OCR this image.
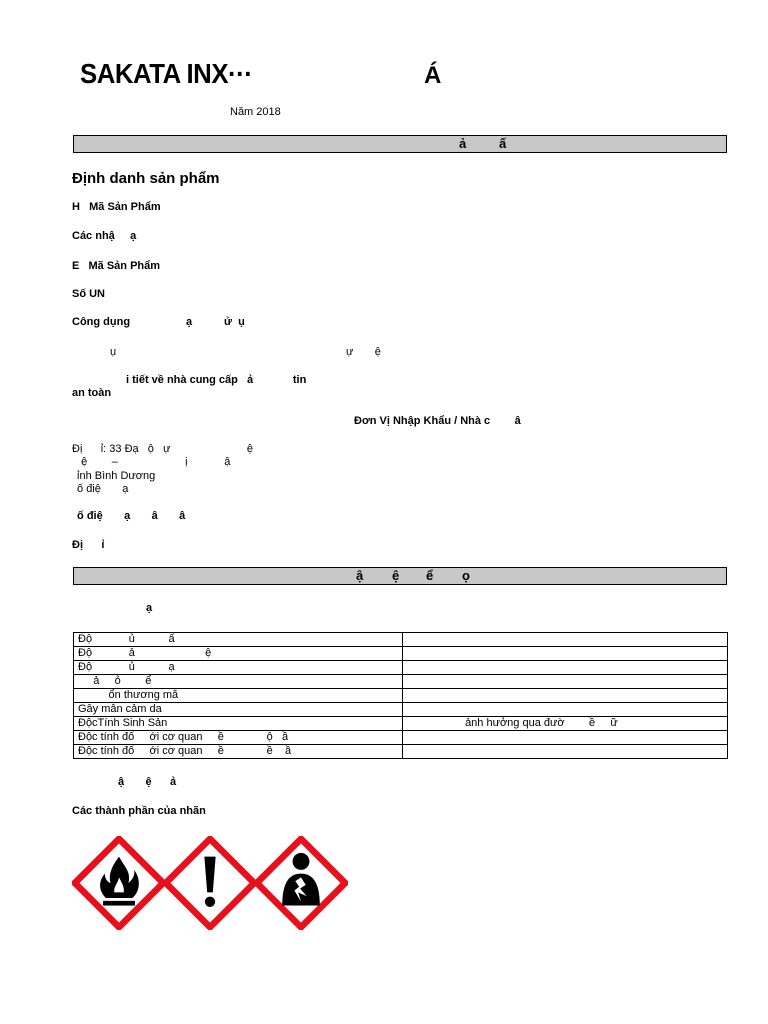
SAKATA INX···	Á
Năm 2018

ả

	ấ

Định danh sản phẩm
H   Mã Sản Phẩm
Các nhậ     ạ
E   Mã Sản Phẩm
Số UN
Công dụng	ạ	ử  ụ
ụ	ự       ệ
i tiết về nhà cung cấp   ả             tin
an toàn
Đơn Vị Nhập Khẩu / Nhà c        â
Đị      ỉ: 33 Đạ   ộ   ự                         ệ
ệ        –                      ị            ậ
ỉnh Bình Dương
ố điệ       ạ
ố điệ       ạ       â       â
Đị      ỉ

ậ

ệ

ể

ọ

ạ
Độ            ủ           ấ	
Độ            ả                       ệ	
Độ            ủ           ạ	
ả     ỏ        ể	
ổn thương mắ	
Gây mẫn cảm da	
ĐộcTính Sinh Sản	ảnh hưởng qua đườ        ề     ữ
Độc tính đố     ới cơ quan     ề              ộ   ầ	
Độc tính đố     ới cơ quan     ề              ề    ầ	
ậ       ệ      ả
Các thành phần của nhãn
